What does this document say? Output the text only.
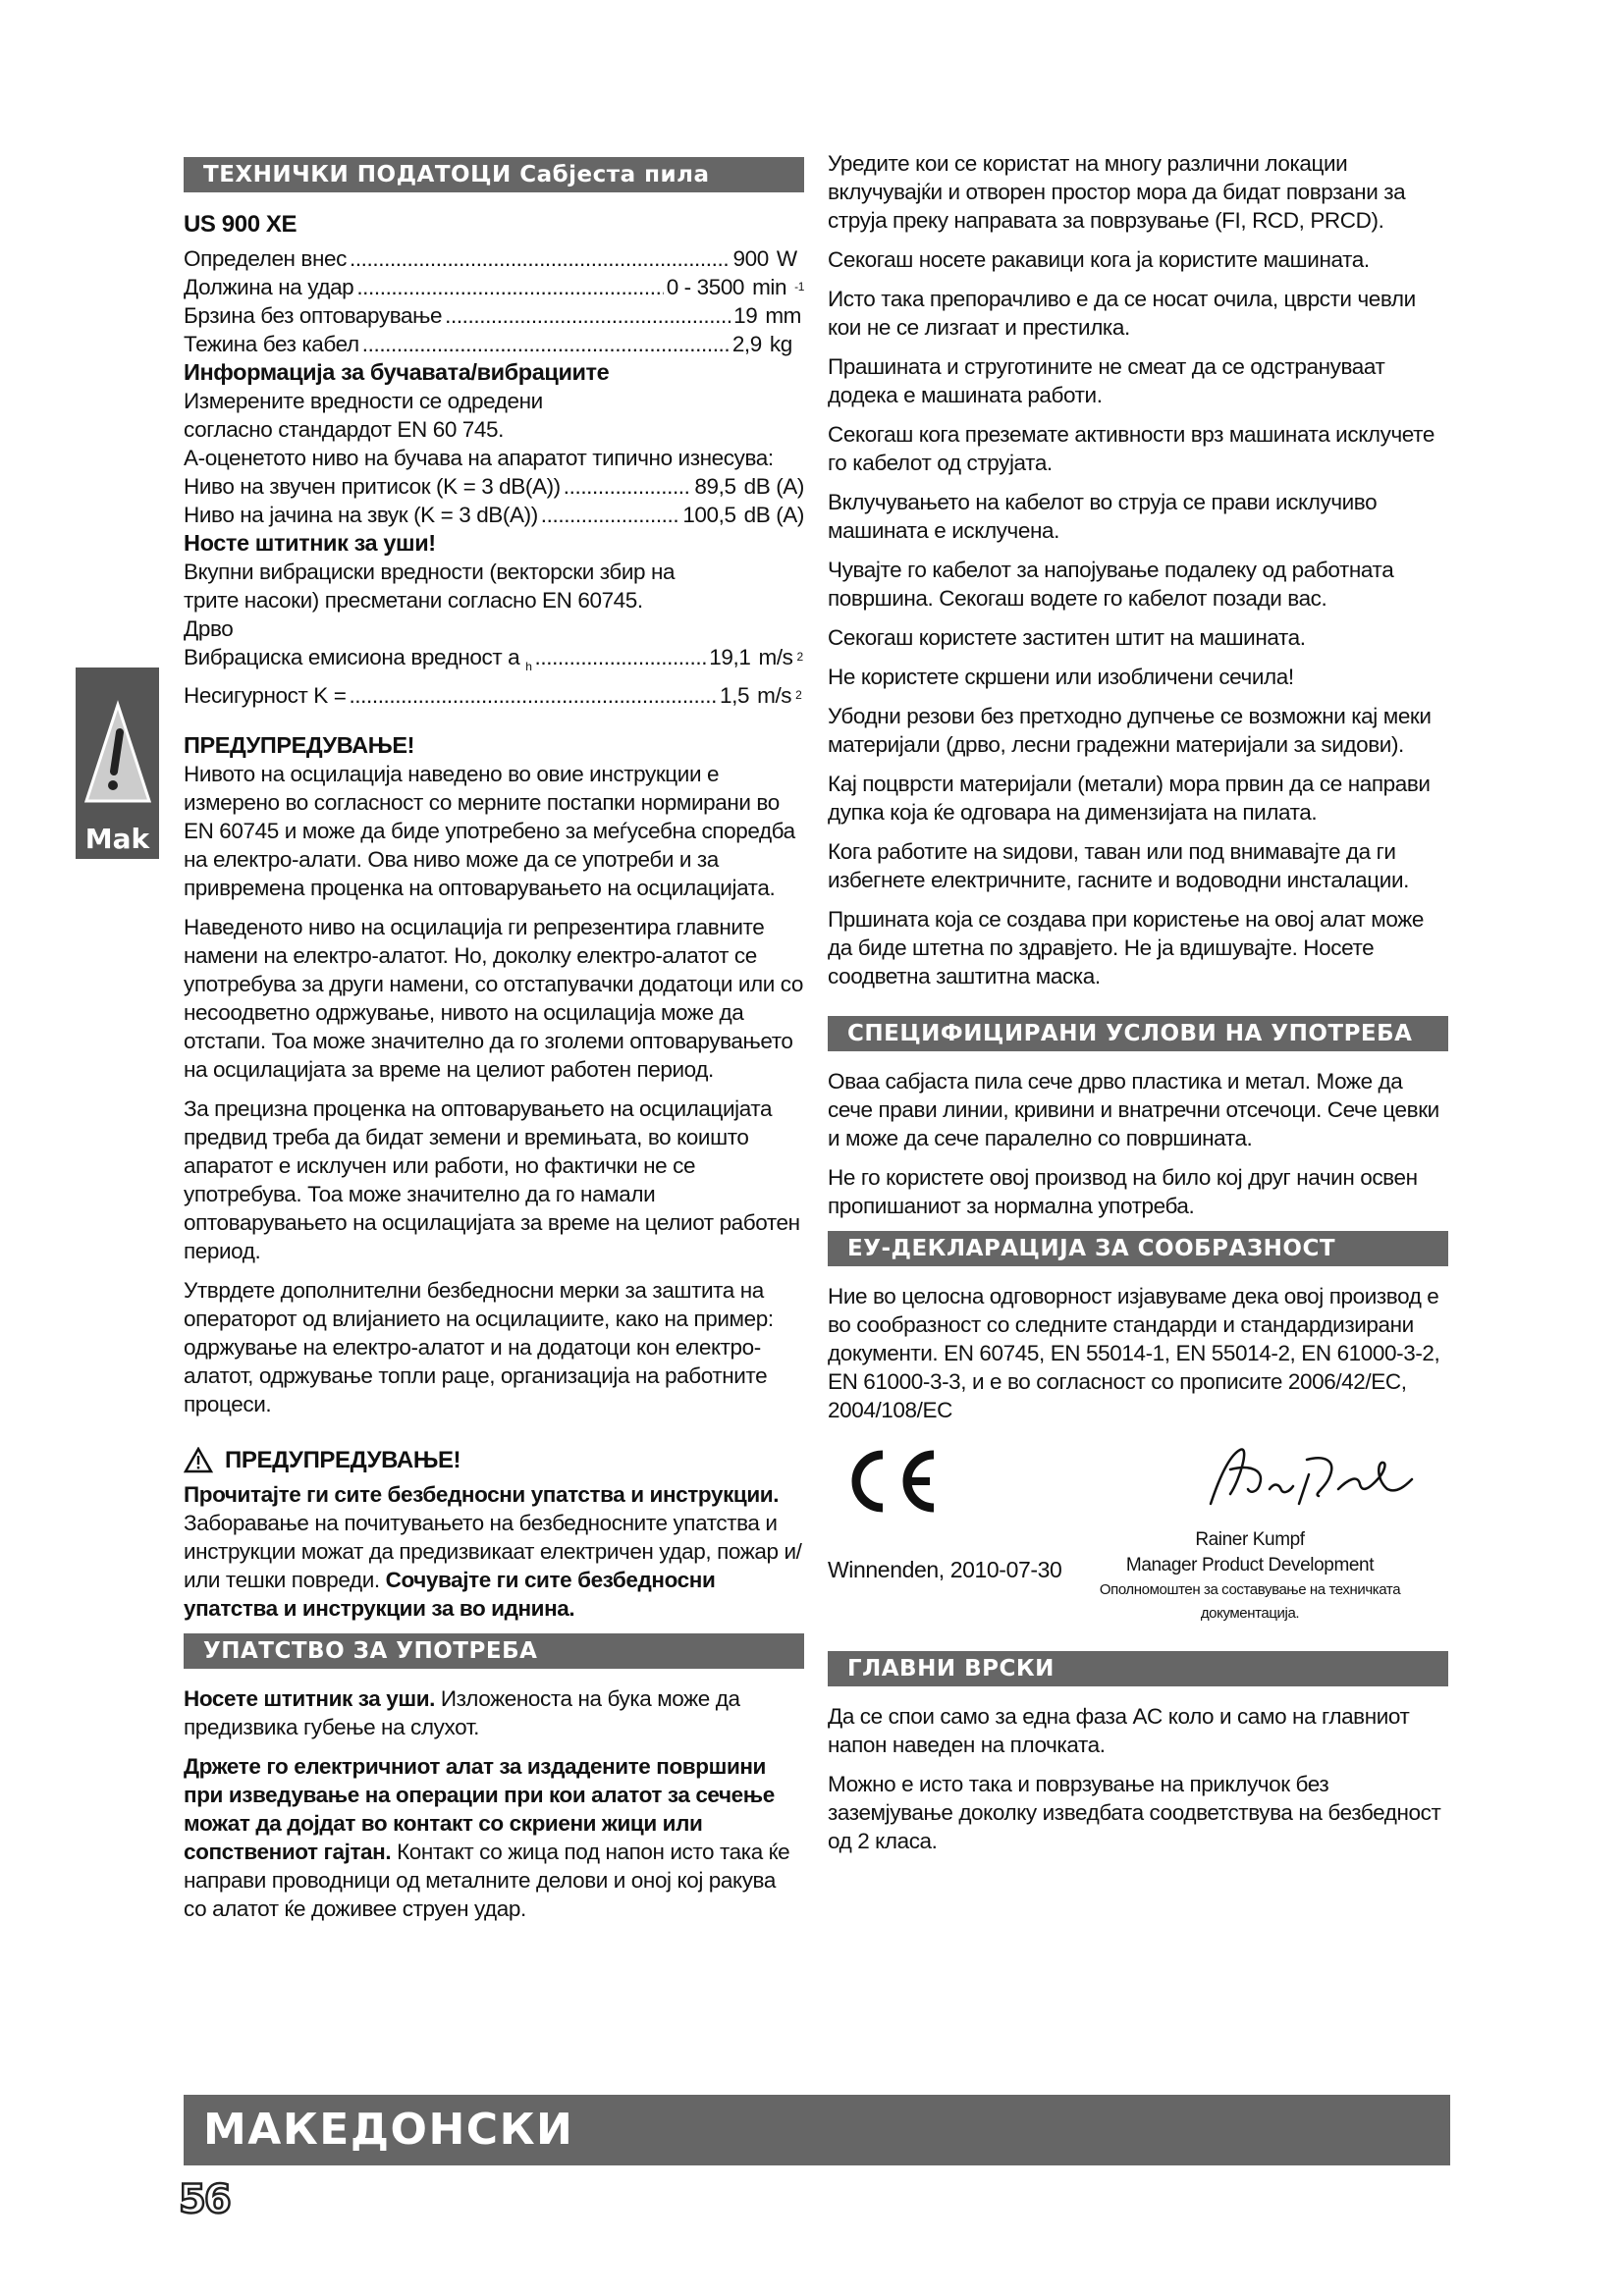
ТЕХНИЧКИ ПОДАТОЦИ Сабјеста пила
US 900 XE
Определен внес .....	900 W
Должина на удар .....	0 - 3500 min -1
Брзина без оптоварување .....	19 mm
Тежина без кабел .....	2,9 kg
Информација за бучавата/вибрациите
Измерените вредности се одредени согласно стандардот EN 60 745.
А-оценетото ниво на бучава на апаратот типично изнесува:
Ниво на звучен притисок (K = 3 dB(A)) .....	89,5 dB (A)
Ниво на јачина на звук (K = 3 dB(A)) .....	100,5 dB (A)
Носте штитник за уши!
Вкупни вибрациски вредности (векторски збир на трите насоки) пресметани согласно EN 60745.
Дрво
Вибрациска емисиона вредност a $_h$ .....	19,1 m/s 2
Несигурност K = .....	1,5 m/s 2
ПРЕДУПРЕДУВАЊЕ!

Нивото на осцилација наведено во овие инструкции е измерено во согласност со мерните постапки нормирани во EN 60745 и може да биде употребено за меѓусебна споредба на електро-алати. Ова ниво може да се употреби и за привремена проценка на оптоварувањето на осцилацијата.

Наведеното ниво на осцилација ги репрезентира главните намени на електро-алатот. Но, доколку електро-алатот се употребува за други намени, со отстапувачки додатоци или со несоодветно одржување, нивото на осцилација може да отстапи. Тоа може значително да го зголеми оптоварувањето на осцилацијата за време на целиот работен период.

За прецизна проценка на оптоварувањето на осцилацијата предвид треба да бидат земени и времињата, во коишто апаратот е исклучен или работи, но фактички не се употребува. Тоа може значително да го намали оптоварувањето на осцилацијата за време на целиот работен период.

Утврдете дополнителни безбедносни мерки за заштита на операторот од влијанието на осцилациите, како на пример: одржување на електро-алатот и на додатоци кон електро-алатот, одржување топли раце, организација на работните процеси.

ПРЕДУПРЕДУВАЊЕ!

Прочитајте ги сите безбедносни упатства и инструкции. Заборавање на почитувањето на безбедносните упатства и инструкции можат да предизвикаат електричен удар, пожар и/или тешки повреди. Сочувајте ги сите безбедносни упатства и инструкции за во иднина.

УПАТСТВО ЗА УПОТРЕБА

Носете штитник за уши. Изложеноста на бука може да предизвика губење на слухот.

Држете го електричниот алат за издадените површини при изведување на операции при кои алатот за сечење можат да дојдат во контакт со скриени жици или сопствениот гајтан. Контакт со жица под напон исто така ќе направи проводници од металните делови и оној кој ракува со алатот ќе доживее струен удар.

Уредите кои се користат на многу различни локации вклучувајќи и отворен простор мора да бидат поврзани за струја преку направата за поврзување (FI, RCD, PRCD).

Секогаш носете ракавици кога ја користите машината.

Исто така препорачливо е да се носат очила, цврсти чевли кои не се лизгаат и престилка.

Прашината и струготините не смеат да се одстрануваат додека е машината работи.

Секогаш кога преземате активности врз машината исклучете го кабелот од струјата.

Вклучувањето на кабелот во струја се прави исклучиво машината е исклучена.

Чувајте го кабелот за напојување подалеку од работната површина. Секогаш водете го кабелот позади вас.

Секогаш користете заститен штит на машината.

Не користете скршени или изобличени сечила!

Убодни резови без претходно дупчење се возможни кај меки материјали (дрво, лесни градежни материјали за ѕидови).

Кај поцврсти материјали (метали) мора првин да се направи дупка која ќе одговара на димензијата на пилата.

Кога работите на ѕидови, таван или под внимавајте да ги избегнете електричните, гасните и водоводни инсталации.

Пршината која се создава при користење на овој алат може да биде штетна по здравјето. Не ја вдишувајте. Носете соодветна заштитна маска.

СПЕЦИФИЦИРАНИ УСЛОВИ НА УПОТРЕБА

Оваа сабјаста пила сече дрво пластика и метал. Може да сече прави линии, кривини и внатречни отсечоци. Сече цевки и може да сече паралелно со површината.

Не го користете овој производ на било кој друг начин освен пропишаниот за нормална употреба.

ЕУ-ДЕКЛАРАЦИЈА ЗА СООБРАЗНОСТ

Ние во целосна одговорност изјавуваме дека овој производ е во сообразност со следните стандарди и стандардизирани документи. EN 60745, EN 55014-1, EN 55014-2, EN 61000-3-2, EN 61000-3-3, и е во согласност со прописите 2006/42/EC, 2004/108/EC

Rainer Kumpf
Manager Product Development
Ополномоштен за составување на техничката документација.
Winnenden, 2010-07-30
ГЛАВНИ ВРСКИ

Да се спои само за една фаза AC коло и само на главниот напон наведен на плочката.

Можно е исто така и поврзување на приклучок без заземјување доколку изведбата соодветствува на безбедност од 2 класа.

Mak
МАКЕДОНСКИ
56
